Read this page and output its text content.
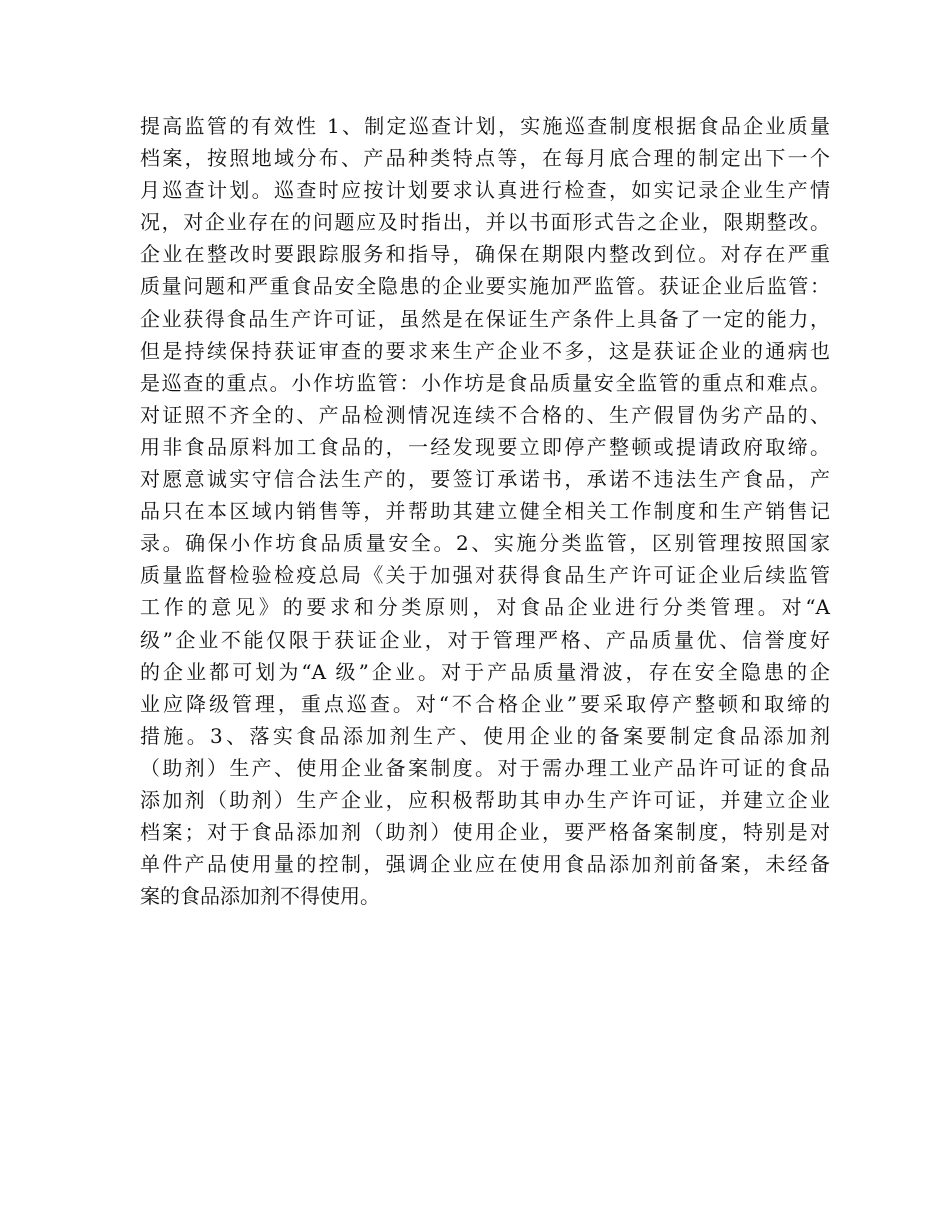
提高监管的有效性 1、制定巡查计划，实施巡查制度根据食品企业质量
档案，按照地域分布、产品种类特点等，在每月底合理的制定出下一个
月巡查计划。巡查时应按计划要求认真进行检查，如实记录企业生产情
况，对企业存在的问题应及时指出，并以书面形式告之企业，限期整改。
企业在整改时要跟踪服务和指导，确保在期限内整改到位。对存在严重
质量问题和严重食品安全隐患的企业要实施加严监管。获证企业后监管：
企业获得食品生产许可证，虽然是在保证生产条件上具备了一定的能力，
但是持续保持获证审查的要求来生产企业不多，这是获证企业的通病也
是巡查的重点。小作坊监管：小作坊是食品质量安全监管的重点和难点。
对证照不齐全的、产品检测情况连续不合格的、生产假冒伪劣产品的、
用非食品原料加工食品的，一经发现要立即停产整顿或提请政府取缔。
对愿意诚实守信合法生产的，要签订承诺书，承诺不违法生产食品，产
品只在本区域内销售等，并帮助其建立健全相关工作制度和生产销售记
录。确保小作坊食品质量安全。2、实施分类监管，区别管理按照国家
质量监督检验检疫总局《关于加强对获得食品生产许可证企业后续监管
工作的意见》的要求和分类原则，对食品企业进行分类管理。对“A
级”企业不能仅限于获证企业，对于管理严格、产品质量优、信誉度好
的企业都可划为“A 级”企业。对于产品质量滑波，存在安全隐患的企
业应降级管理，重点巡查。对“不合格企业”要采取停产整顿和取缔的
措施。3、落实食品添加剂生产、使用企业的备案要制定食品添加剂
（助剂）生产、使用企业备案制度。对于需办理工业产品许可证的食品
添加剂（助剂）生产企业，应积极帮助其申办生产许可证，并建立企业
档案；对于食品添加剂（助剂）使用企业，要严格备案制度，特别是对
单件产品使用量的控制，强调企业应在使用食品添加剂前备案，未经备
案的食品添加剂不得使用。
